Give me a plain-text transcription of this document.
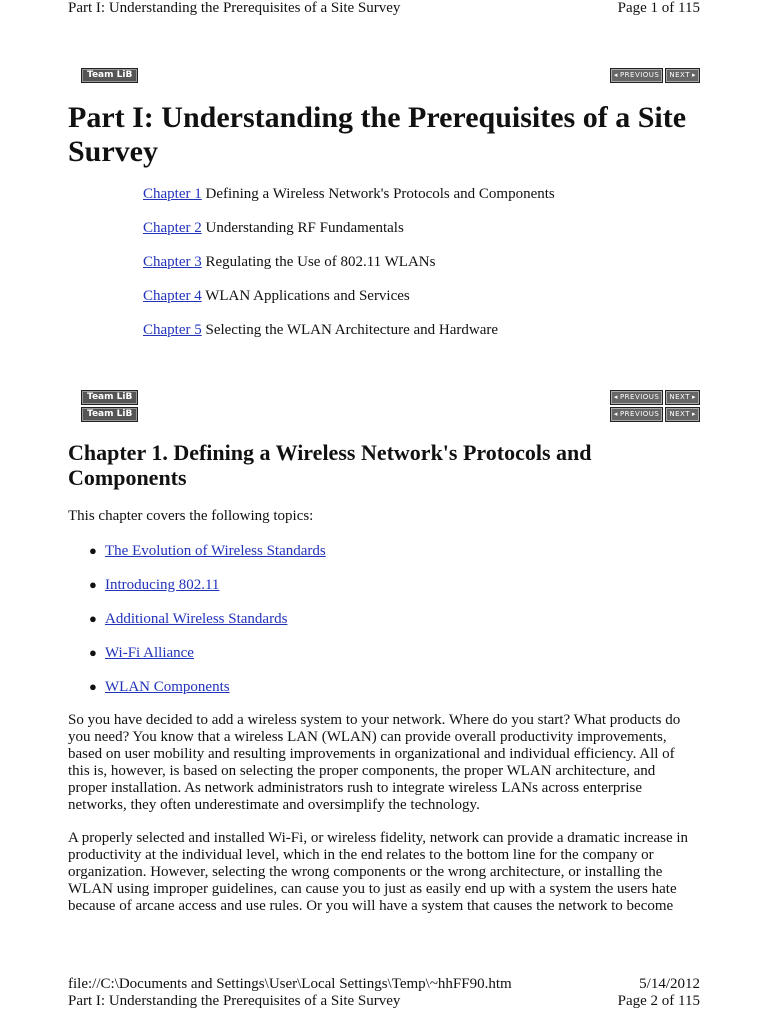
Part I: Understanding the Prerequisites of a Site Survey	Page 1 of 115
Team LiB	◂ PREVIOUS NEXT ▸
Part I: Understanding the Prerequisites of a Site Survey
Chapter 1 Defining a Wireless Network's Protocols and Components
Chapter 2 Understanding RF Fundamentals
Chapter 3 Regulating the Use of 802.11 WLANs
Chapter 4 WLAN Applications and Services
Chapter 5 Selecting the WLAN Architecture and Hardware
Team LiB	◂ PREVIOUS NEXT ▸
Team LiB	◂ PREVIOUS NEXT ▸
Chapter 1. Defining a Wireless Network's Protocols and Components
This chapter covers the following topics:
● The Evolution of Wireless Standards
● Introducing 802.11
● Additional Wireless Standards
● Wi-Fi Alliance
● WLAN Components

So you have decided to add a wireless system to your network. Where do you start? What products do you need? You know that a wireless LAN (WLAN) can provide overall productivity improvements, based on user mobility and resulting improvements in organizational and individual efficiency. All of this is, however, is based on selecting the proper components, the proper WLAN architecture, and proper installation. As network administrators rush to integrate wireless LANs across enterprise networks, they often underestimate and oversimplify the technology.

A properly selected and installed Wi-Fi, or wireless fidelity, network can provide a dramatic increase in productivity at the individual level, which in the end relates to the bottom line for the company or organization. However, selecting the wrong components or the wrong architecture, or installing the WLAN using improper guidelines, can cause you to just as easily end up with a system the users hate because of arcane access and use rules. Or you will have a system that causes the network to become

file://C:\Documents and Settings\User\Local Settings\Temp\~hhFF90.htm	5/14/2012
Part I: Understanding the Prerequisites of a Site Survey	Page 2 of 115
